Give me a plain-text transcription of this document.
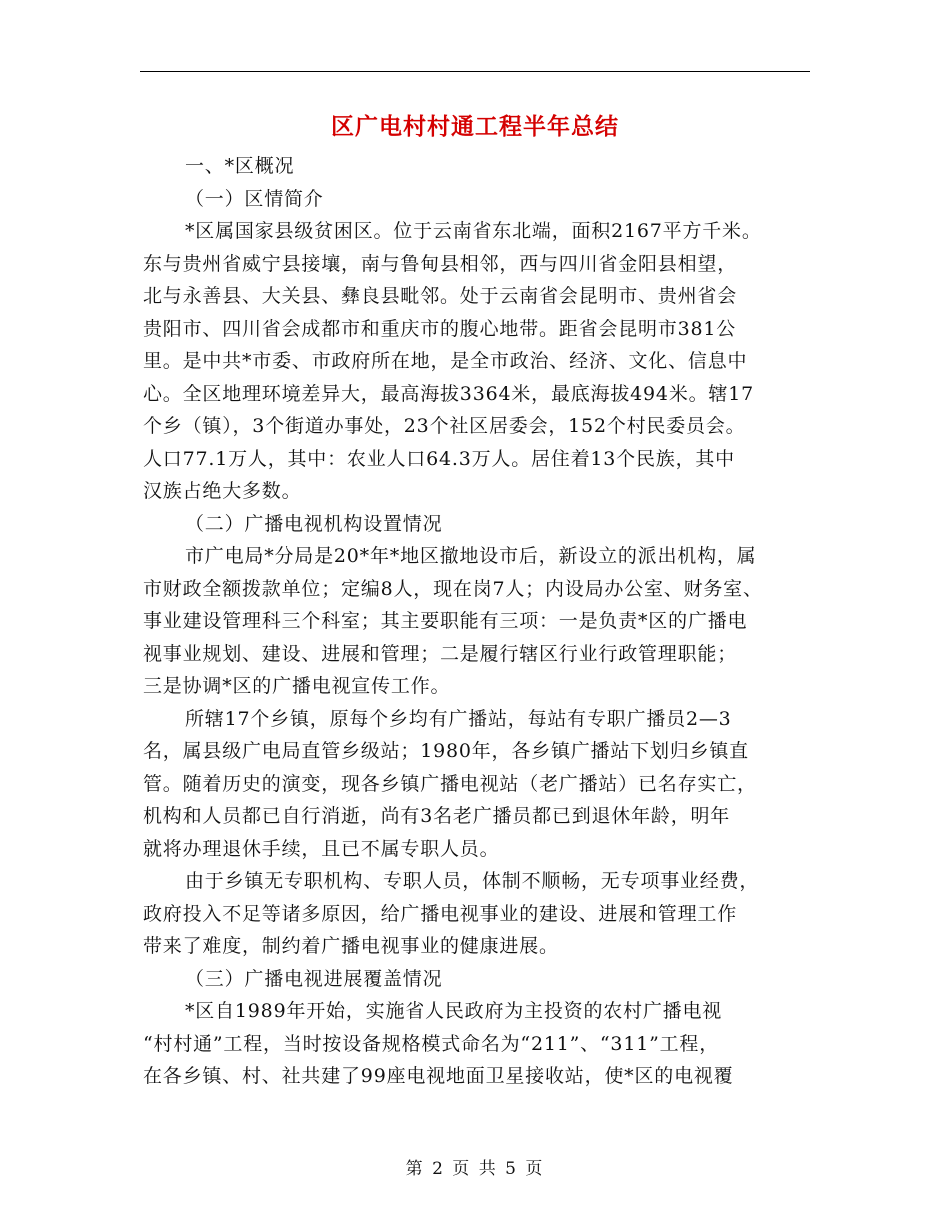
区广电村村通工程半年总结
一、*区概况
（一）区情简介
*区属国家县级贫困区。位于云南省东北端，面积2167平方千米。
东与贵州省威宁县接壤，南与鲁甸县相邻，西与四川省金阳县相望，
北与永善县、大关县、彝良县毗邻。处于云南省会昆明市、贵州省会
贵阳市、四川省会成都市和重庆市的腹心地带。距省会昆明市381公
里。是中共*市委、市政府所在地，是全市政治、经济、文化、信息中
心。全区地理环境差异大，最高海拔3364米，最底海拔494米。辖17
个乡（镇），3个街道办事处，23个社区居委会，152个村民委员会。
人口77.1万人，其中：农业人口64.3万人。居住着13个民族，其中
汉族占绝大多数。
（二）广播电视机构设置情况
市广电局*分局是20*年*地区撤地设市后，新设立的派出机构，属
市财政全额拨款单位；定编8人，现在岗7人；内设局办公室、财务室、
事业建设管理科三个科室；其主要职能有三项：一是负责*区的广播电
视事业规划、建设、进展和管理；二是履行辖区行业行政管理职能；
三是协调*区的广播电视宣传工作。
所辖17个乡镇，原每个乡均有广播站，每站有专职广播员2—3
名，属县级广电局直管乡级站；1980年，各乡镇广播站下划归乡镇直
管。随着历史的演变，现各乡镇广播电视站（老广播站）已名存实亡，
机构和人员都已自行消逝，尚有3名老广播员都已到退休年龄，明年
就将办理退休手续，且已不属专职人员。
由于乡镇无专职机构、专职人员，体制不顺畅，无专项事业经费，
政府投入不足等诸多原因，给广播电视事业的建设、进展和管理工作
带来了难度，制约着广播电视事业的健康进展。
（三）广播电视进展覆盖情况
*区自1989年开始，实施省人民政府为主投资的农村广播电视
“村村通”工程，当时按设备规格模式命名为“211”、“311”工程，
在各乡镇、村、社共建了99座电视地面卫星接收站，使*区的电视覆
第 2 页 共 5 页
